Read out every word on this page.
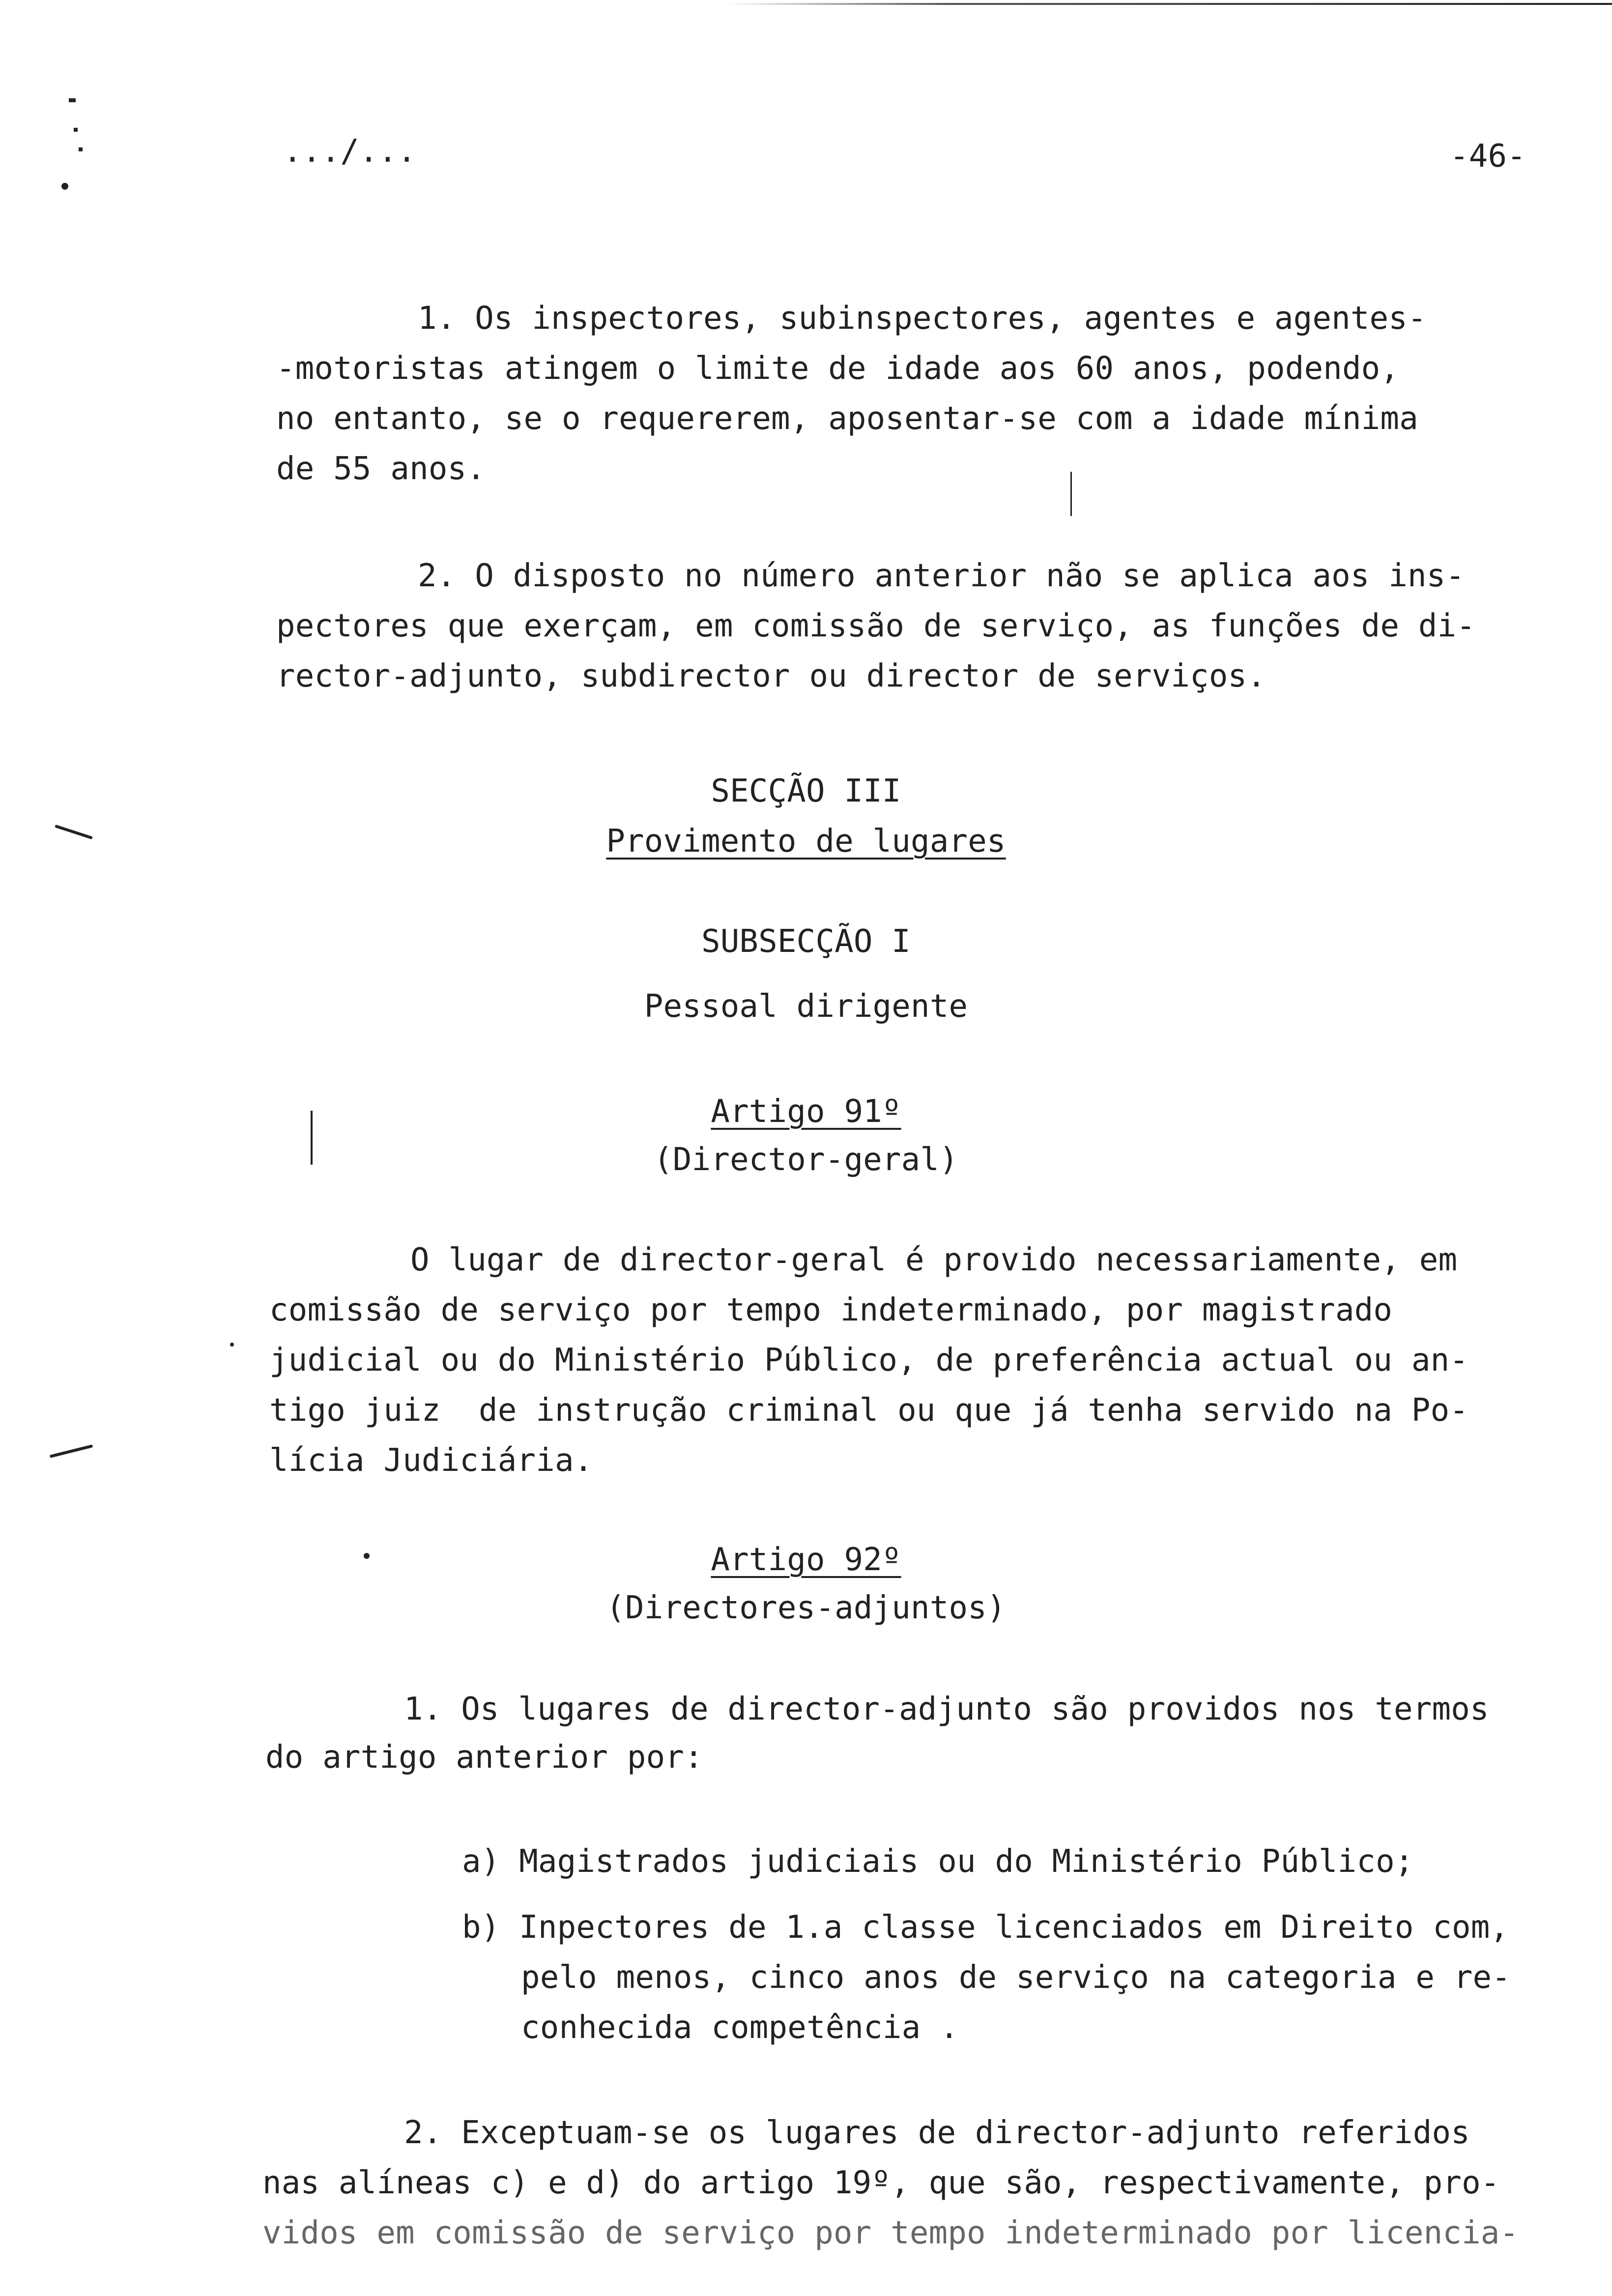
.../...	-46-
1. Os inspectores, subinspectores, agentes e agentes-
-motoristas atingem o limite de idade aos 60 anos, podendo,
no entanto, se o requererem, aposentar-se com a idade mínima
de 55 anos.
2. O disposto no número anterior não se aplica aos ins-
pectores que exerçam, em comissão de serviço, as funções de di-
rector-adjunto, subdirector ou director de serviços.
SECÇÃO III
Provimento de lugares
SUBSECÇÃO I
Pessoal dirigente
Artigo 91º
(Director-geral)
O lugar de director-geral é provido necessariamente, em
comissão de serviço por tempo indeterminado, por magistrado
judicial ou do Ministério Público, de preferência actual ou an-
tigo juiz  de instrução criminal ou que já tenha servido na Po-
lícia Judiciária.
Artigo 92º
(Directores-adjuntos)
1. Os lugares de director-adjunto são providos nos termos
do artigo anterior por:
a) Magistrados judiciais ou do Ministério Público;
b) Inpectores de 1.a classe licenciados em Direito com,
pelo menos, cinco anos de serviço na categoria e re-
conhecida competência .
2. Exceptuam-se os lugares de director-adjunto referidos
nas alíneas c) e d) do artigo 19º, que são, respectivamente, pro-
vidos em comissão de serviço por tempo indeterminado por licencia-
